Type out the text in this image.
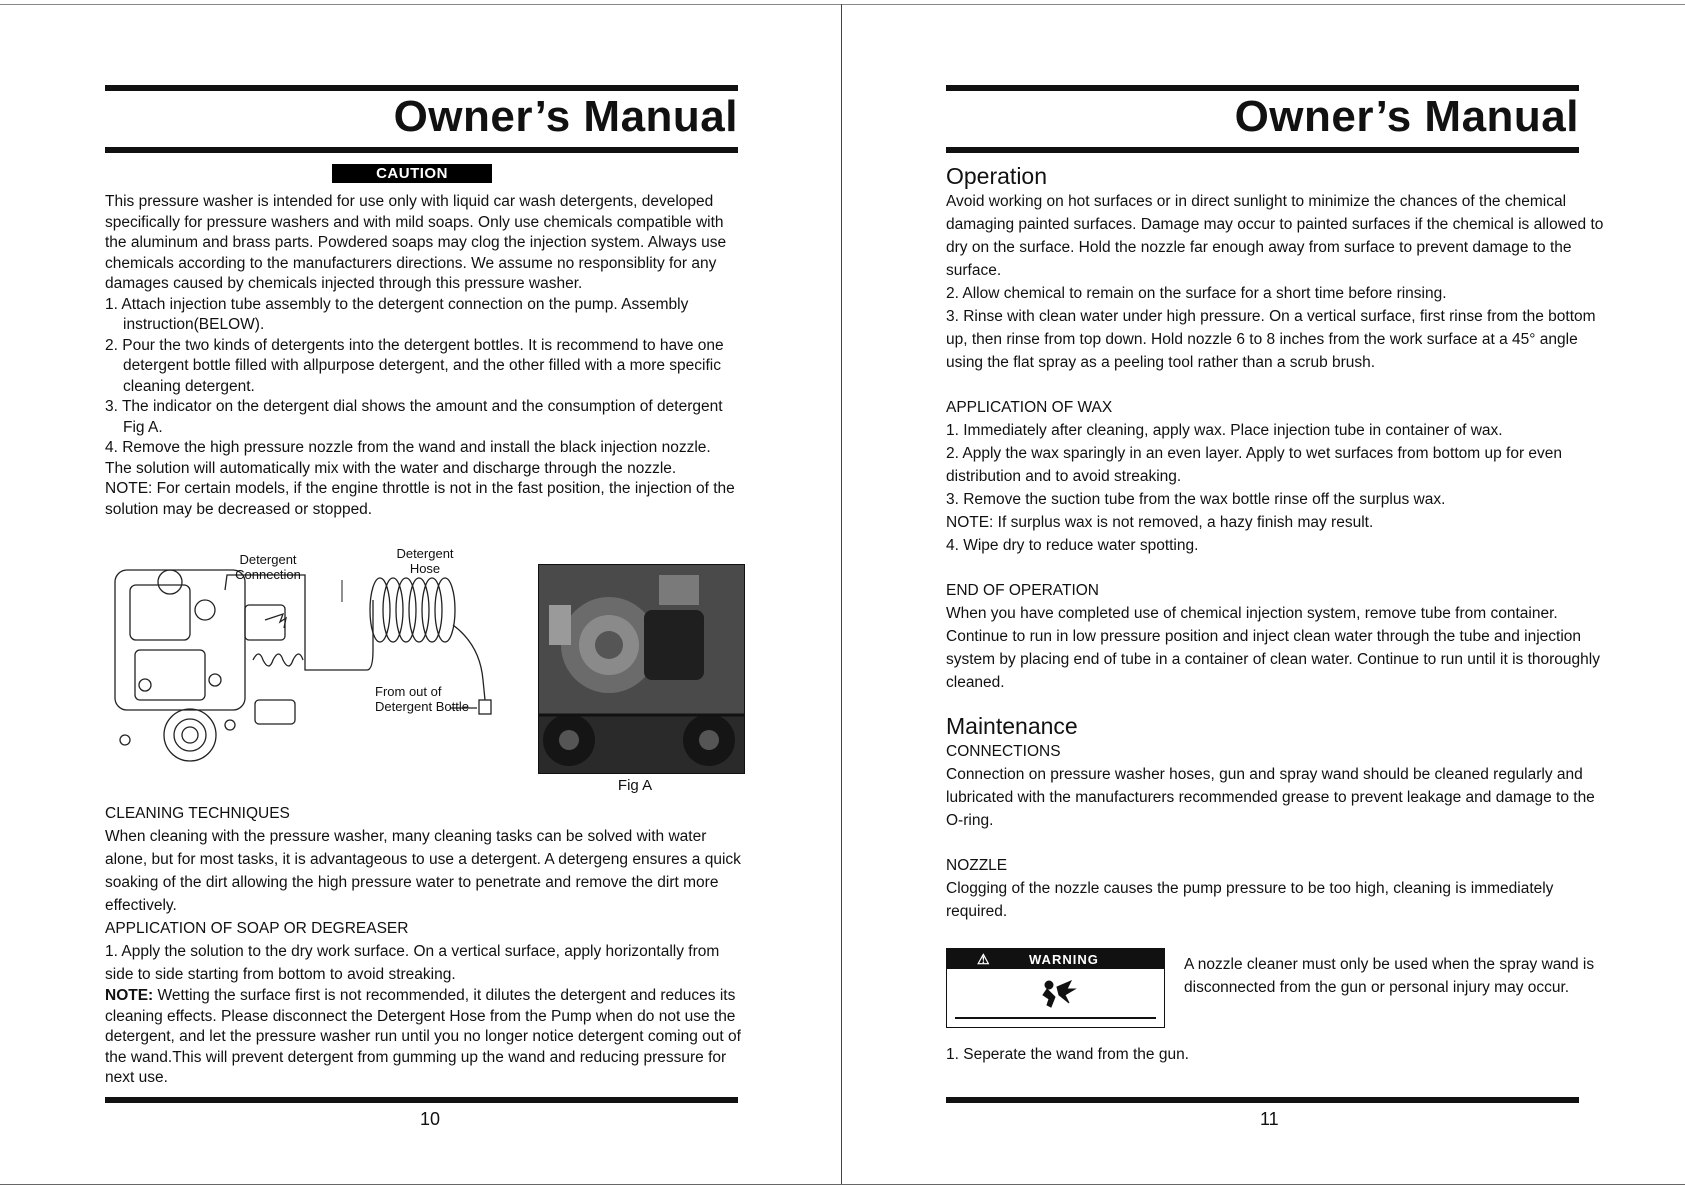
Owner’s Manual
CAUTION

This pressure washer is intended for use only with liquid car wash detergents, developed specifically for pressure washers and with mild soaps. Only use chemicals compatible with the aluminum and brass parts. Powdered soaps may clog the injection system. Always use chemicals according to the manufacturers directions. We assume no responsiblity for any damages caused by chemicals injected through this pressure washer.

1. Attach injection tube assembly to the detergent connection on the pump. Assembly instruction(BELOW).
2. Pour the two kinds of detergents into the detergent bottles. It is recommend to have one detergent bottle filled with allpurpose detergent, and the other filled with a more specific cleaning detergent.
3. The indicator on the detergent dial shows the amount and the consumption of detergent Fig A.
4. Remove the high pressure nozzle from the wand and install the black injection nozzle.

The solution will automatically mix with the water and discharge through the nozzle.

NOTE: For certain models, if the engine throttle is not in the fast position, the injection of the solution may be decreased or stopped.

Detergent
Connection
Detergent
Hose
From out of
Detergent Bottle
Fig A

CLEANING TECHNIQUES

When cleaning with the pressure washer, many cleaning tasks can be solved with water alone, but for most tasks, it is advantageous to use a detergent. A detergeng ensures a quick soaking of the dirt allowing the high pressure water to penetrate and remove the dirt more effectively.

APPLICATION OF SOAP OR DEGREASER

1. Apply the solution to the dry work surface. On a vertical surface, apply horizontally from side to side starting from bottom to avoid streaking.

NOTE: Wetting the surface first is not recommended, it dilutes the detergent and reduces its cleaning effects. Please disconnect the Detergent Hose from the Pump when do not use the detergent, and let the pressure washer run until you no longer notice detergent coming out of the wand.This will prevent detergent from gumming up the wand and reducing pressure for next use.

10
Owner’s Manual

Operation

Avoid working on hot surfaces or in direct sunlight to minimize the chances of the chemical damaging painted surfaces. Damage may occur to painted surfaces if the chemical is allowed to dry on the surface. Hold the nozzle far enough away from surface to prevent damage to the surface.

2. Allow chemical to remain on the surface for a short time before rinsing.

3. Rinse with clean water under high pressure. On a vertical surface, first rinse from the bottom up, then rinse from top down. Hold nozzle 6 to 8 inches from the work surface at a 45° angle using the flat spray as a peeling tool rather than a scrub brush.

APPLICATION OF WAX

1. Immediately after cleaning, apply wax. Place injection tube in container of wax.

2. Apply the wax sparingly in an even layer. Apply to wet surfaces from bottom up for even distribution and to avoid streaking.

3. Remove the suction tube from the wax bottle rinse off the surplus wax.

NOTE: If surplus wax is not removed, a hazy finish may result.

4. Wipe dry to reduce water spotting.

END OF OPERATION

When you have completed use of chemical injection system, remove tube from container. Continue to run in low pressure position and inject clean water through the tube and injection system by placing end of tube in a container of clean water. Continue to run until it is thoroughly cleaned.

Maintenance

CONNECTIONS

Connection on pressure washer hoses, gun and spray wand should be cleaned regularly and lubricated with the manufacturers recommended grease to prevent leakage and damage to the O-ring.

NOZZLE

Clogging of the nozzle causes the pump pressure to be too high, cleaning is immediately required.

⚠	WARNING	A nozzle cleaner must only be used when the spray wand is disconnected from the gun or personal injury may occur.
1. Seperate the wand from the gun.
11
